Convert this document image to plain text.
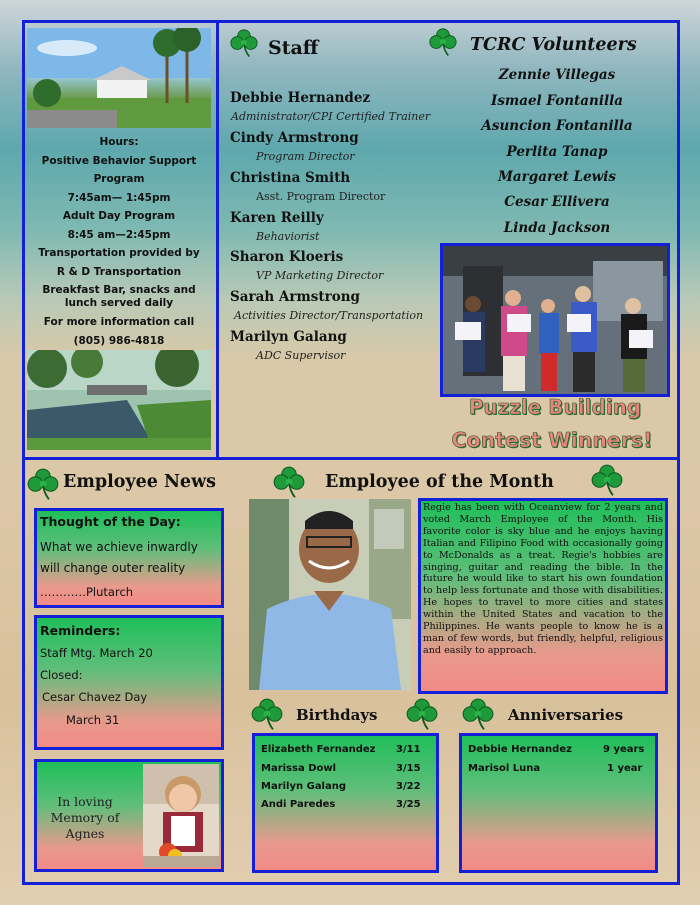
Hours:

Positive Behavior Support Program

7:45am— 1:45pm

Adult Day Program

8:45 am—2:45pm

Transportation provided by

R & D Transportation

Breakfast Bar, snacks and lunch served daily

For more information call

(805) 986-4818

Staff
Debbie Hernandez
Administrator/CPI Certified Trainer
Cindy Armstrong
Program Director
Christina Smith
Asst. Program Director
Karen Reilly
Behaviorist
Sharon Kloeris
VP Marketing Director
Sarah Armstrong
Activities Director/Transportation
Marilyn Galang
ADC Supervisor
TCRC Volunteers
Zennie Villegas
Ismael Fontanilla
Asuncion Fontanilla
Perlita Tanap
Margaret Lewis
Cesar Ellivera
Linda Jackson
Puzzle Building
Contest Winners!
Employee News
Thought of the Day:
What we achieve inwardly will change outer reality
…………Plutarch
Reminders:
Staff Mtg. March 20
Closed:
Cesar Chavez Day
March 31
In loving Memory of Agnes
Employee of the Month
Regie has been with Oceanview for 2 years and voted March Employee of the Month. His favorite color is sky blue and he enjoys having Italian and Filipino Food with occasionally going to McDonalds as a treat. Regie's hobbies are singing, guitar and reading the bible. In the future he would like to start his own foundation to help less fortunate and those with disabilities. He hopes to travel to more cities and states within the United States and vacation to the Philippines. He wants people to know he is a man of few words, but friendly, helpful, religious and easily to approach.
Birthdays
Elizabeth Fernandez 3/11
Marissa Dowl	3/15
Marilyn Galang	3/22
Andi Paredes	3/25
Anniversaries
Debbie Hernandez	9 years
Marisol Luna	1 year
